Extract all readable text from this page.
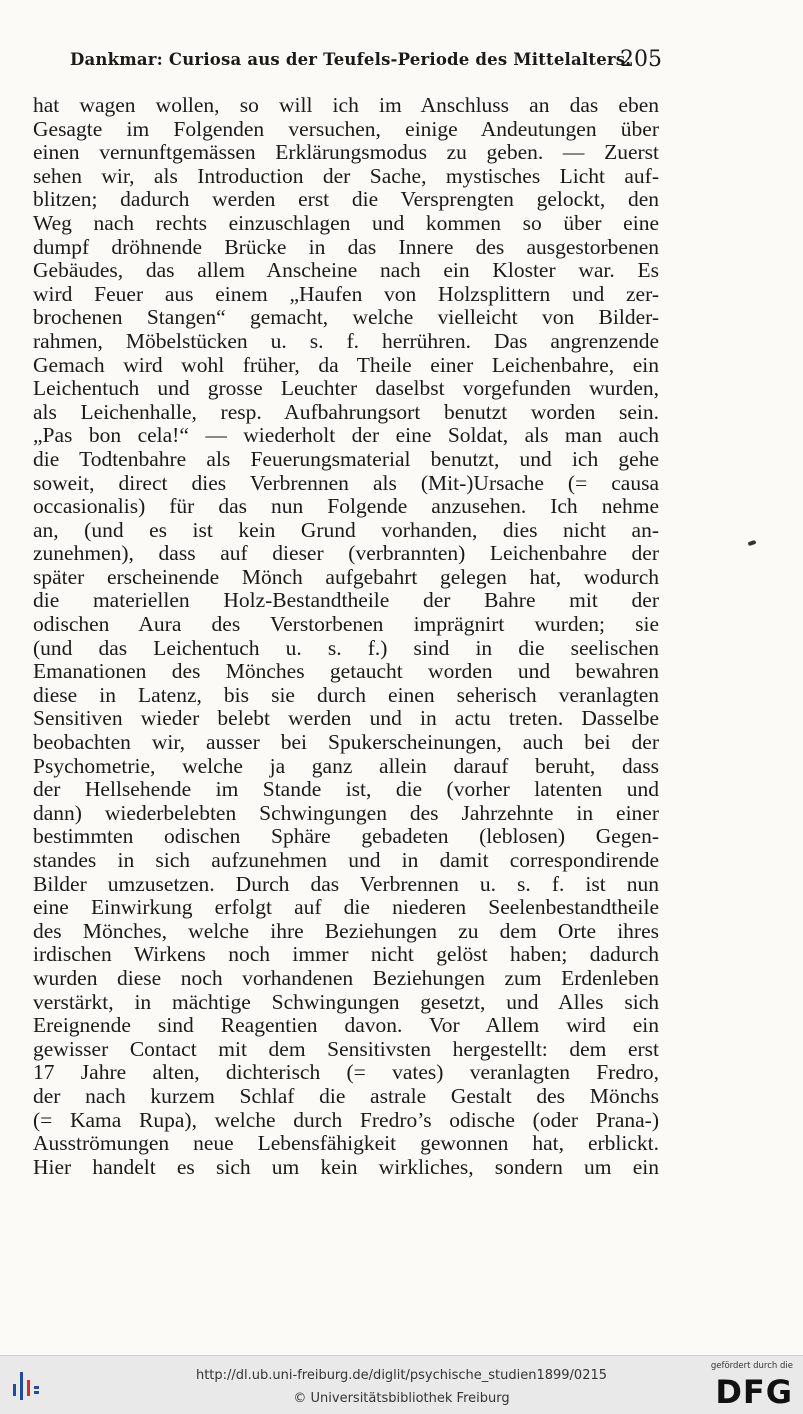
Dankmar: Curiosa aus der Teufels-Periode des Mittelalters.
205
hat wagen wollen, so will ich im Anschluss an das eben
Gesagte im Folgenden versuchen, einige Andeutungen über
einen vernunftgemässen Erklärungsmodus zu geben. — Zuerst
sehen wir, als Introduction der Sache, mystisches Licht auf-
blitzen; dadurch werden erst die Versprengten gelockt, den
Weg nach rechts einzuschlagen und kommen so über eine
dumpf dröhnende Brücke in das Innere des ausgestorbenen
Gebäudes, das allem Anscheine nach ein Kloster war. Es
wird Feuer aus einem „Haufen von Holzsplittern und zer-
brochenen Stangen“ gemacht, welche vielleicht von Bilder-
rahmen, Möbelstücken u. s. f. herrühren. Das angrenzende
Gemach wird wohl früher, da Theile einer Leichenbahre, ein
Leichentuch und grosse Leuchter daselbst vorgefunden wurden,
als Leichenhalle, resp. Aufbahrungsort benutzt worden sein.
„Pas bon cela!“ — wiederholt der eine Soldat, als man auch
die Todtenbahre als Feuerungsmaterial benutzt, und ich gehe
soweit, direct dies Verbrennen als (Mit-)Ursache (= causa
occasionalis) für das nun Folgende anzusehen. Ich nehme
an, (und es ist kein Grund vorhanden, dies nicht an-
zunehmen), dass auf dieser (verbrannten) Leichenbahre der
später erscheinende Mönch aufgebahrt gelegen hat, wodurch
die materiellen Holz-Bestandtheile der Bahre mit der
odischen Aura des Verstorbenen imprägnirt wurden; sie
(und das Leichentuch u. s. f.) sind in die seelischen
Emanationen des Mönches getaucht worden und bewahren
diese in Latenz, bis sie durch einen seherisch veranlagten
Sensitiven wieder belebt werden und in actu treten. Dasselbe
beobachten wir, ausser bei Spukerscheinungen, auch bei der
Psychometrie, welche ja ganz allein darauf beruht, dass
der Hellsehende im Stande ist, die (vorher latenten und
dann) wiederbelebten Schwingungen des Jahrzehnte in einer
bestimmten odischen Sphäre gebadeten (leblosen) Gegen-
standes in sich aufzunehmen und in damit correspondirende
Bilder umzusetzen. Durch das Verbrennen u. s. f. ist nun
eine Einwirkung erfolgt auf die niederen Seelenbestandtheile
des Mönches, welche ihre Beziehungen zu dem Orte ihres
irdischen Wirkens noch immer nicht gelöst haben; dadurch
wurden diese noch vorhandenen Beziehungen zum Erdenleben
verstärkt, in mächtige Schwingungen gesetzt, und Alles sich
Ereignende sind Reagentien davon. Vor Allem wird ein
gewisser Contact mit dem Sensitivsten hergestellt: dem erst
17 Jahre alten, dichterisch (= vates) veranlagten Fredro,
der nach kurzem Schlaf die astrale Gestalt des Mönchs
(= Kama Rupa), welche durch Fredro’s odische (oder Prana-)
Ausströmungen neue Lebensfähigkeit gewonnen hat, erblickt.
Hier handelt es sich um kein wirkliches, sondern um ein
http://dl.ub.uni-freiburg.de/diglit/psychische_studien1899/0215
© Universitätsbibliothek Freiburg
gefördert durch die
DFG
